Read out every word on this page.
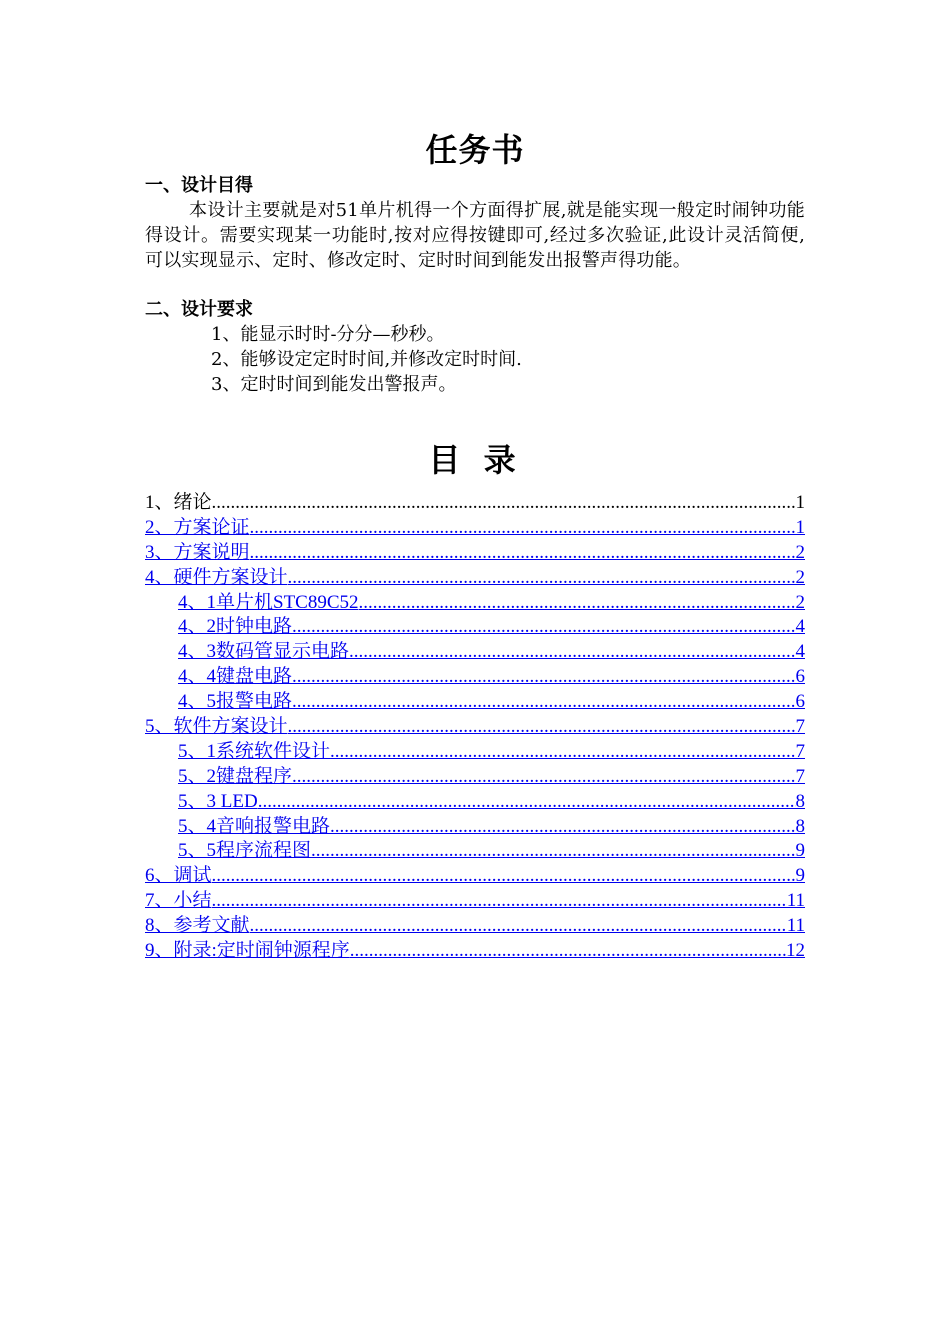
任务书
一、设计目得
本设计主要就是对51单片机得一个方面得扩展,就是能实现一般定时闹钟功能得设计。需要实现某一功能时,按对应得按键即可,经过多次验证,此设计灵活简便,可以实现显示、定时、修改定时、定时时间到能发出报警声得功能。
二、设计要求
1、能显示时时-分分—秒秒。
2、能够设定定时时间,并修改定时时间.
3、定时时间到能发出警报声。
目 录
1、绪论 .....	1
2、方案论证 .....	1
3、方案说明 .....	2
4、硬件方案设计 .....	2
4、1单片机STC89C52 .....	2
4、2时钟电路 .....	4
4、3数码管显示电路 .....	4
4、4键盘电路 .....	6
4、5报警电路 .....	6
5、软件方案设计 .....	7
5、1系统软件设计 .....	7
5、2键盘程序 .....	7
5、3 LED .....	8
5、4音响报警电路 .....	8
5、5程序流程图 .....	9
6、调试 .....	9
7、小结 .....	11
8、参考文献 .....	11
9、附录:定时闹钟源程序 .....	12
